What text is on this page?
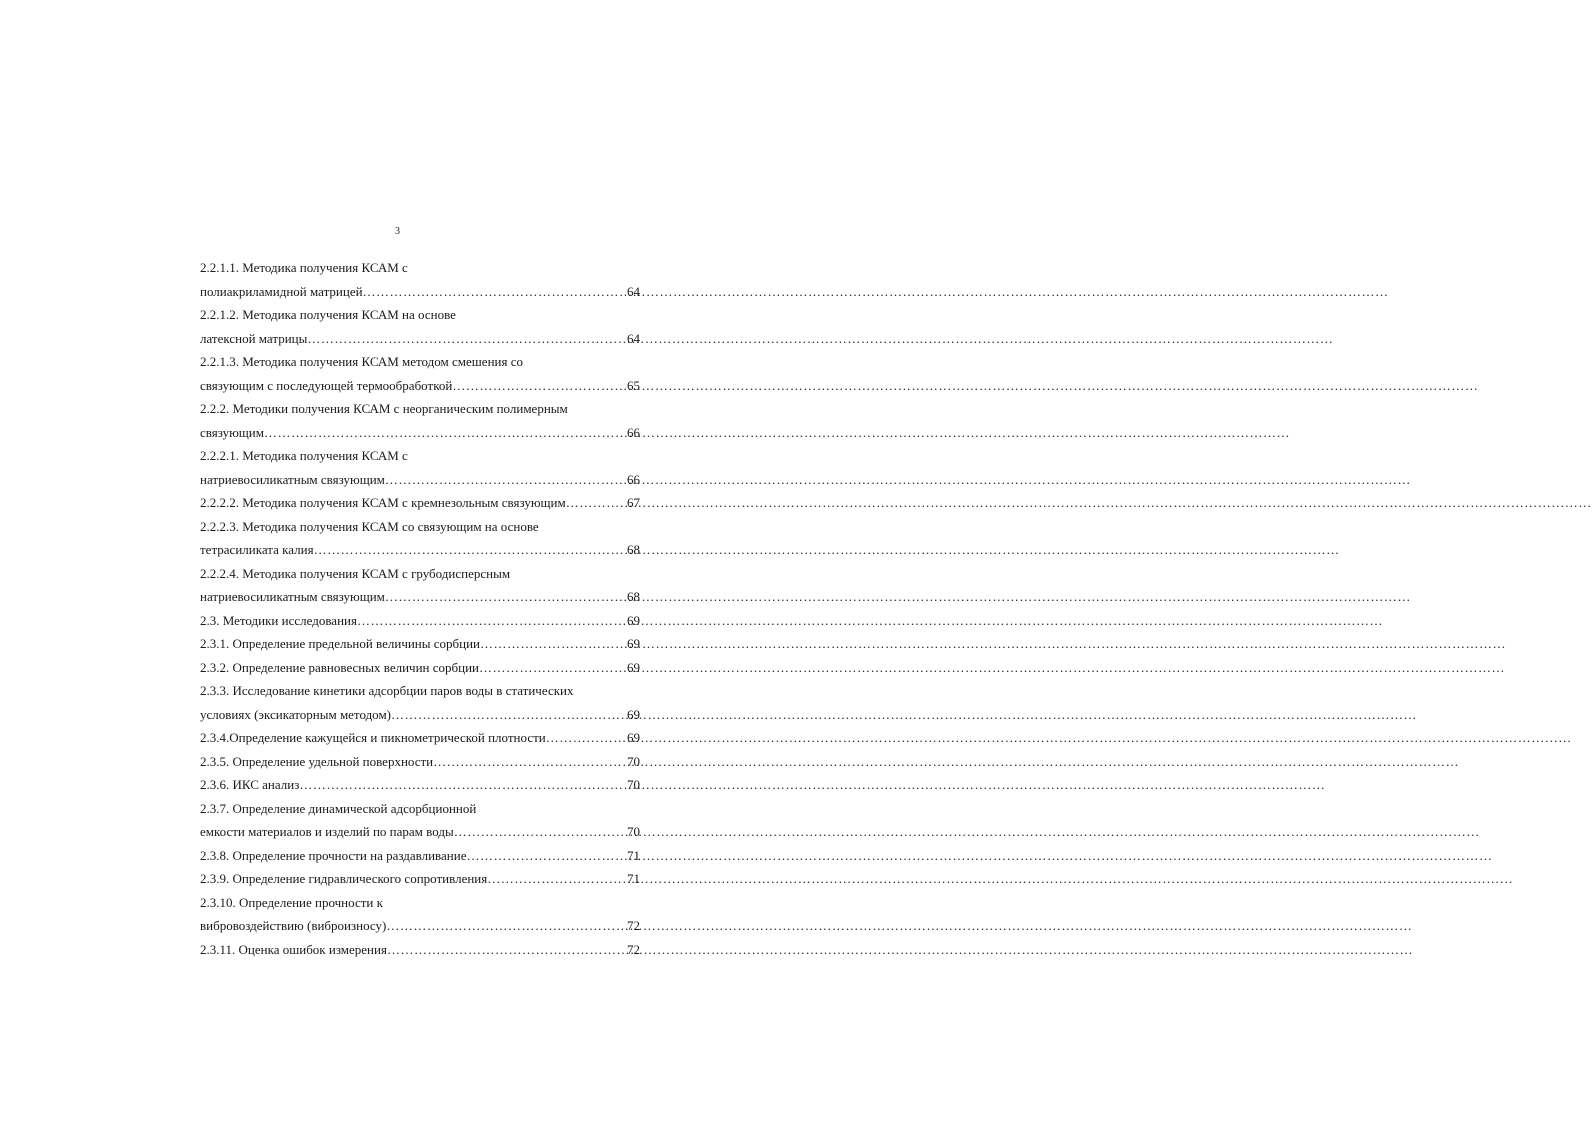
3
2.2.1.1. Методика получения КСАМ с
полиакриламидной матрицей …………………………………………………………………………………………………………………………………………………………………………………………………………	64
2.2.1.2. Методика получения КСАМ на основе
латексной матрицы …………………………………………………………………………………………………………………………………………………………………………………………………………	64
2.2.1.3. Методика получения КСАМ методом смешения со
связующим с последующей термообработкой …………………………………………………………………………………………………………………………………………………………………………………………………………	65
2.2.2. Методики получения КСАМ с неорганическим полимерным
связующим …………………………………………………………………………………………………………………………………………………………………………………………………………	66
2.2.2.1. Методика получения КСАМ с
натриевосиликатным связующим …………………………………………………………………………………………………………………………………………………………………………………………………………	66
2.2.2.2. Методика получения КСАМ с кремнезольным связующим …………………………………………………………………………………………………………………………………………………………………………………………………………	67
2.2.2.3. Методика получения КСАМ со связующим на основе
тетрасиликата калия …………………………………………………………………………………………………………………………………………………………………………………………………………	68
2.2.2.4. Методика получения КСАМ с грубодисперсным
натриевосиликатным связующим …………………………………………………………………………………………………………………………………………………………………………………………………………	68
2.3. Методики исследования …………………………………………………………………………………………………………………………………………………………………………………………………………	69
2.3.1. Определение предельной величины сорбции …………………………………………………………………………………………………………………………………………………………………………………………………………	69
2.3.2. Определение равновесных величин сорбции …………………………………………………………………………………………………………………………………………………………………………………………………………	69
2.3.3. Исследование кинетики адсорбции паров воды в статических
условиях (эксикаторным методом) …………………………………………………………………………………………………………………………………………………………………………………………………………	69
2.3.4.Определение кажущейся и пикнометрической плотности …………………………………………………………………………………………………………………………………………………………………………………………………………	69
2.3.5. Определение удельной поверхности …………………………………………………………………………………………………………………………………………………………………………………………………………	70
2.3.6. ИКС анализ …………………………………………………………………………………………………………………………………………………………………………………………………………	70
2.3.7. Определение динамической адсорбционной
емкости материалов и изделий по парам воды …………………………………………………………………………………………………………………………………………………………………………………………………………	70
2.3.8. Определение прочности на раздавливание …………………………………………………………………………………………………………………………………………………………………………………………………………	71
2.3.9. Определение гидравлического сопротивления …………………………………………………………………………………………………………………………………………………………………………………………………………	71
2.3.10. Определение прочности к
вибровоздействию (виброизносу) …………………………………………………………………………………………………………………………………………………………………………………………………………	72
2.3.11. Оценка ошибок измерения …………………………………………………………………………………………………………………………………………………………………………………………………………	72
